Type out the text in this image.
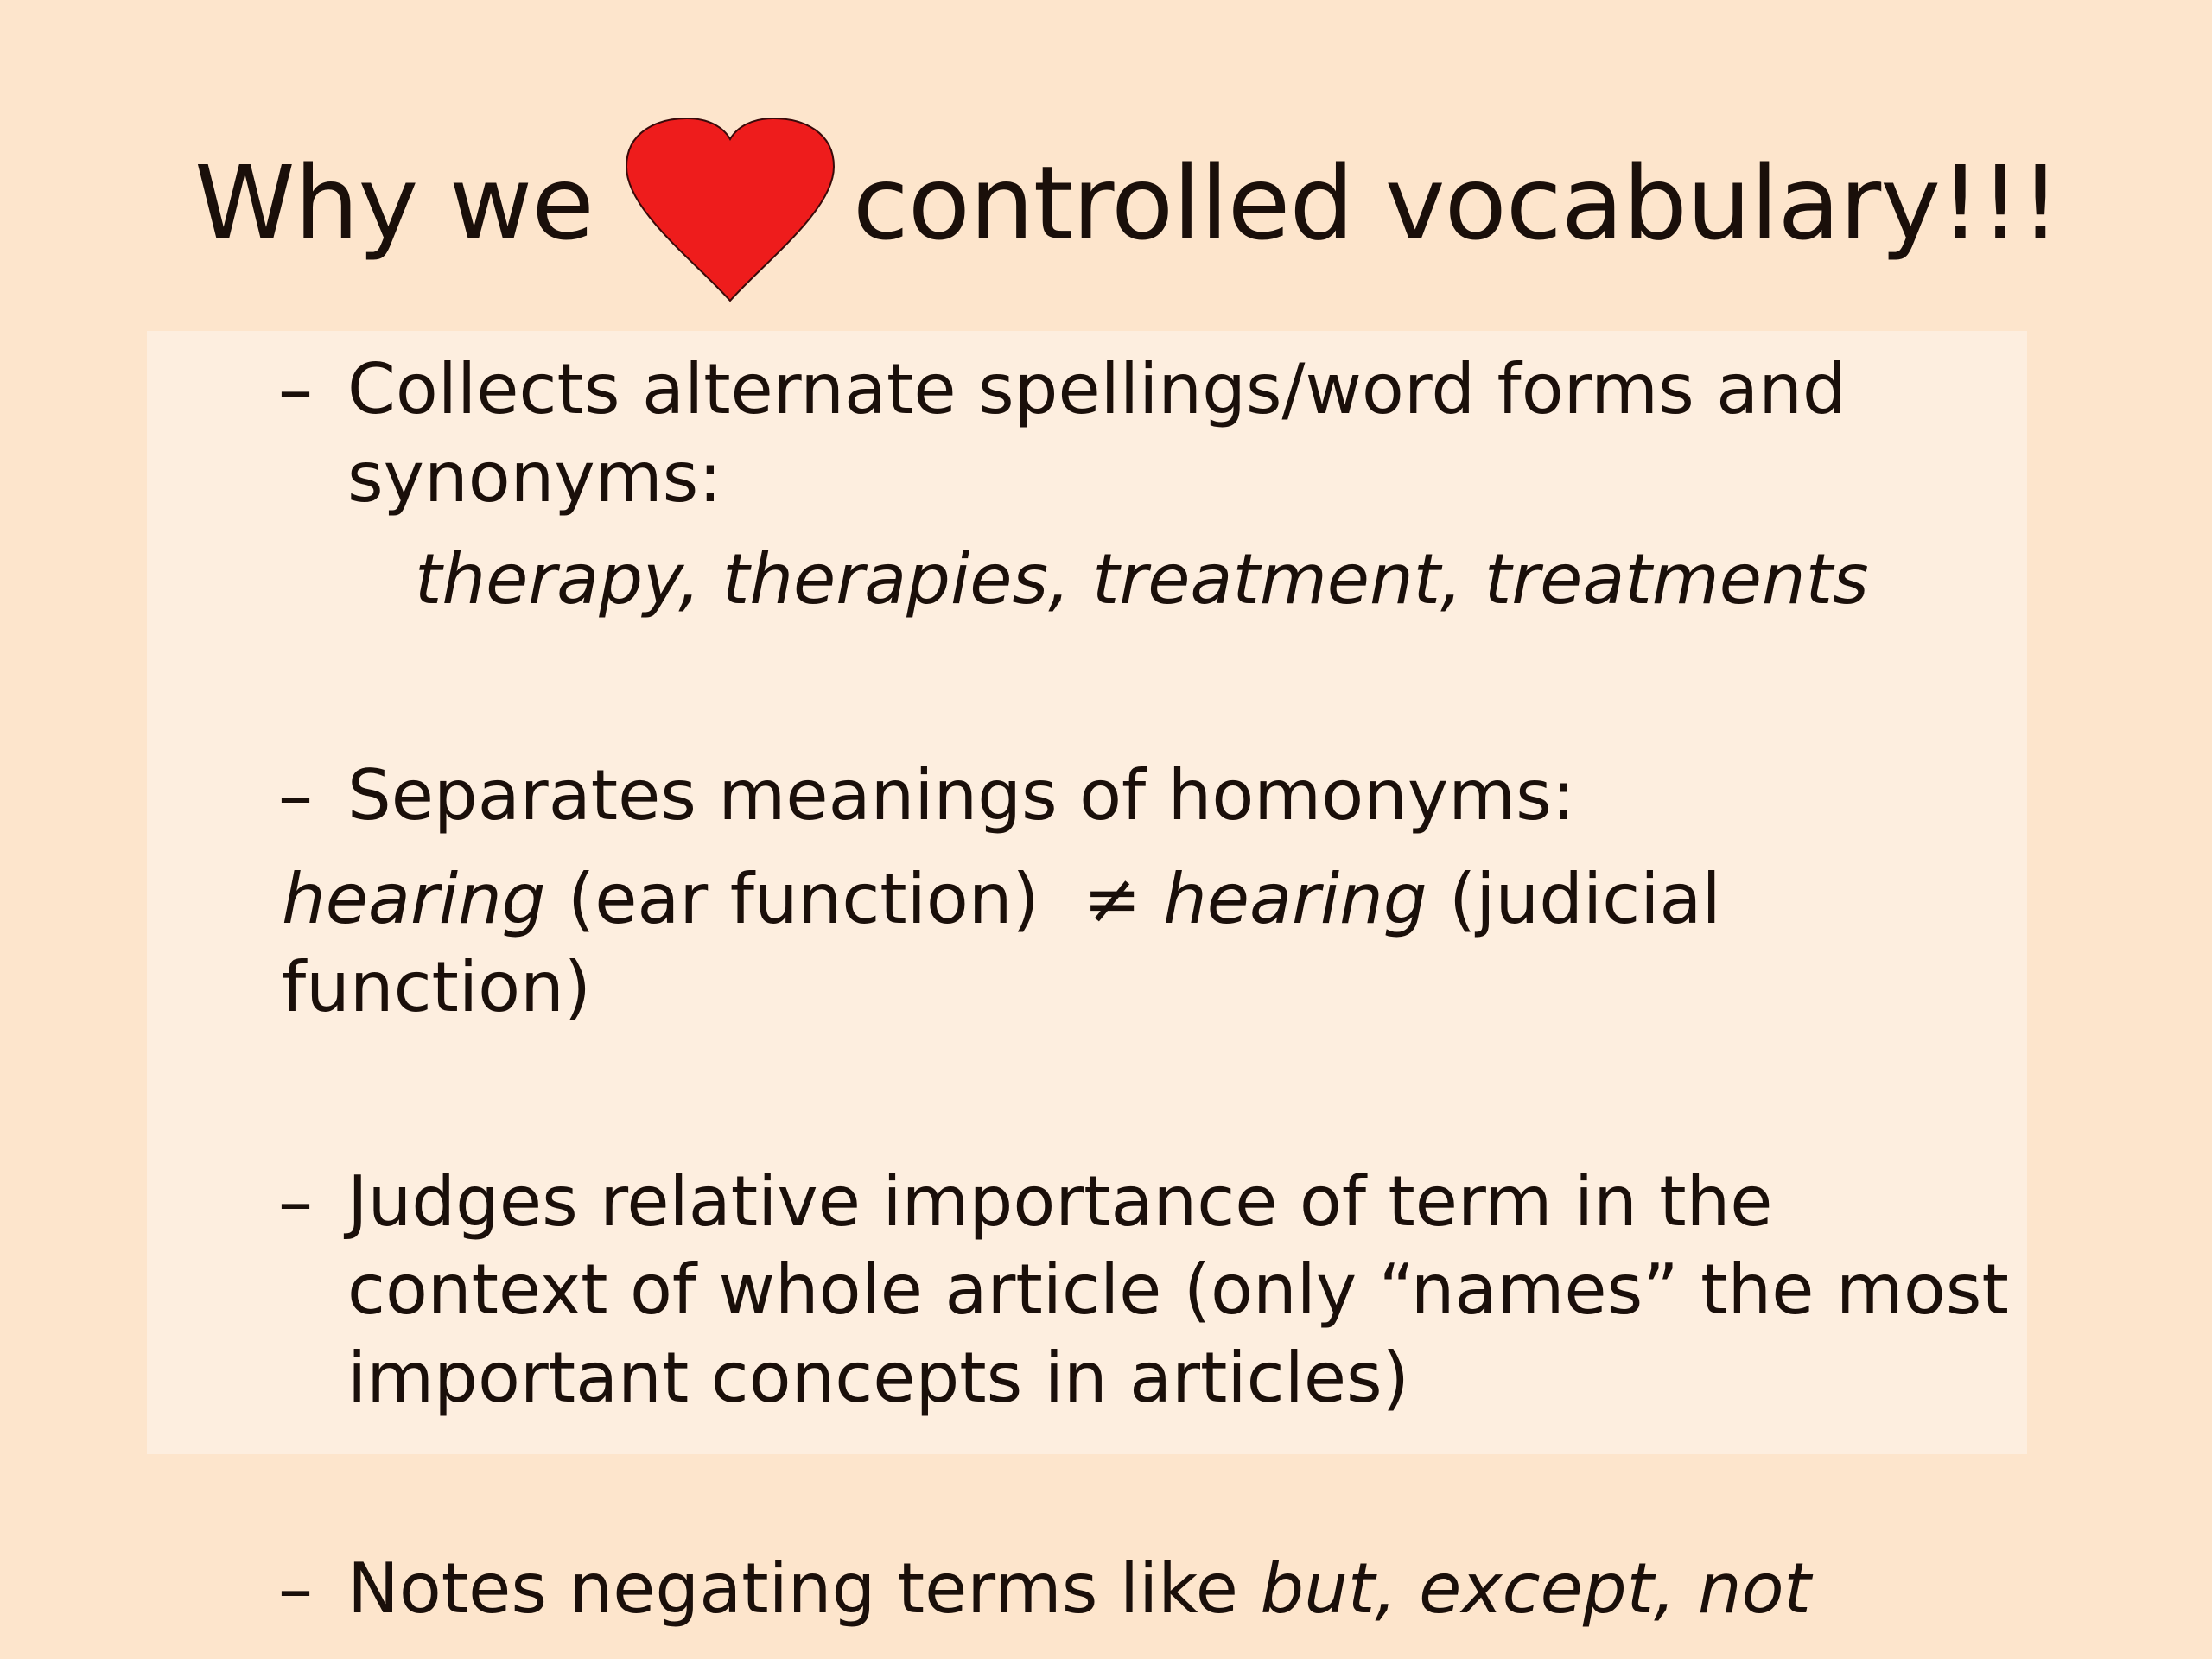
Why we	controlled vocabulary!!!
– Collects alternate spellings/word forms and
synonyms:
therapy, therapies, treatment, treatments
– Separates meanings of homonyms:
hearing (ear function)  ≠ hearing (judicial
function)
– Judges relative importance of term in the
context of whole article (only “names” the most
important concepts in articles)
– Notes negating terms like but, except, not
